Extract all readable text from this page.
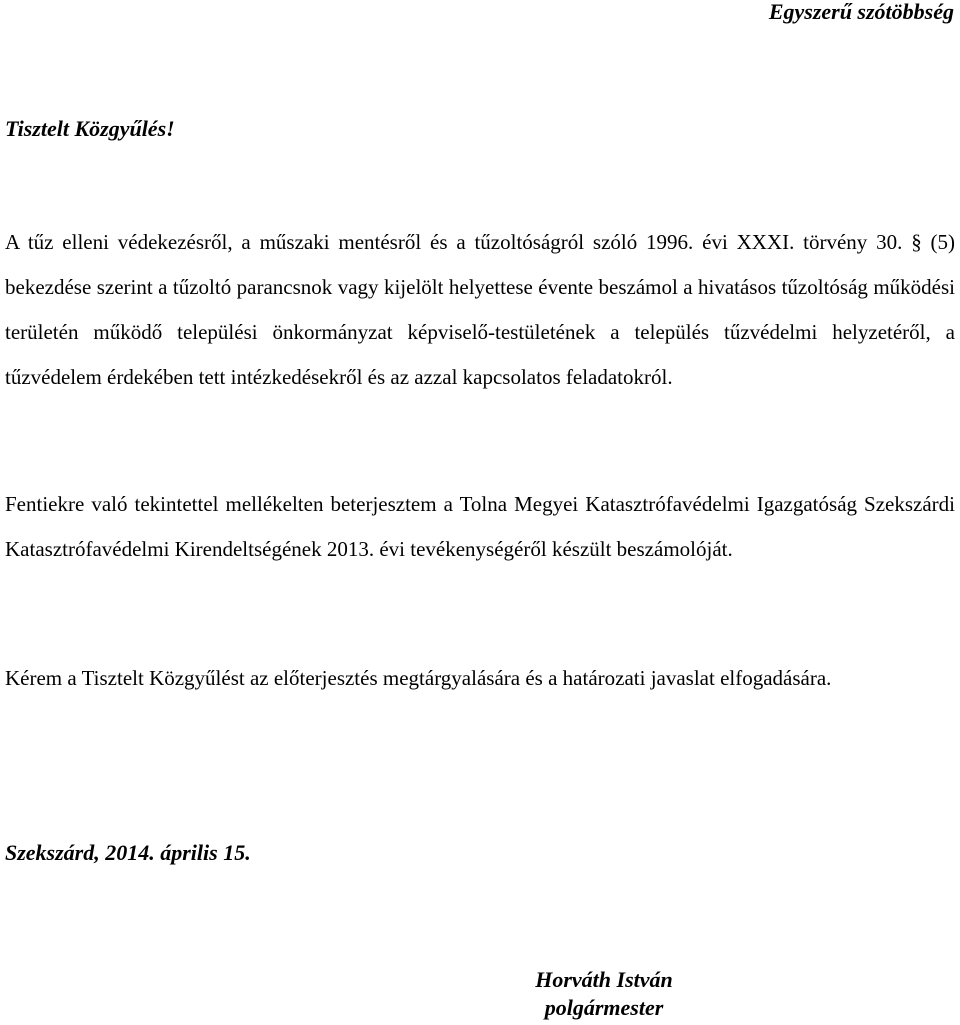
Egyszerű szótöbbség
Tisztelt Közgyűlés!

A tűz elleni védekezésről, a műszaki mentésről és a tűzoltóságról szóló 1996. évi XXXI. törvény 30. § (5) bekezdése szerint a tűzoltó parancsnok vagy kijelölt helyettese évente beszámol a hivatásos tűzoltóság működési területén működő települési önkormányzat képviselő-testületének a település tűzvédelmi helyzetéről, a tűzvédelem érdekében tett intézkedésekről és az azzal kapcsolatos feladatokról.

Fentiekre való tekintettel mellékelten beterjesztem a Tolna Megyei Katasztrófavédelmi Igazgatóság Szekszárdi Katasztrófavédelmi Kirendeltségének 2013. évi tevékenységéről készült beszámolóját.

Kérem a Tisztelt Közgyűlést az előterjesztés megtárgyalására és a határozati javaslat elfogadására.

Szekszárd, 2014. április 15.
Horváth István
polgármester
